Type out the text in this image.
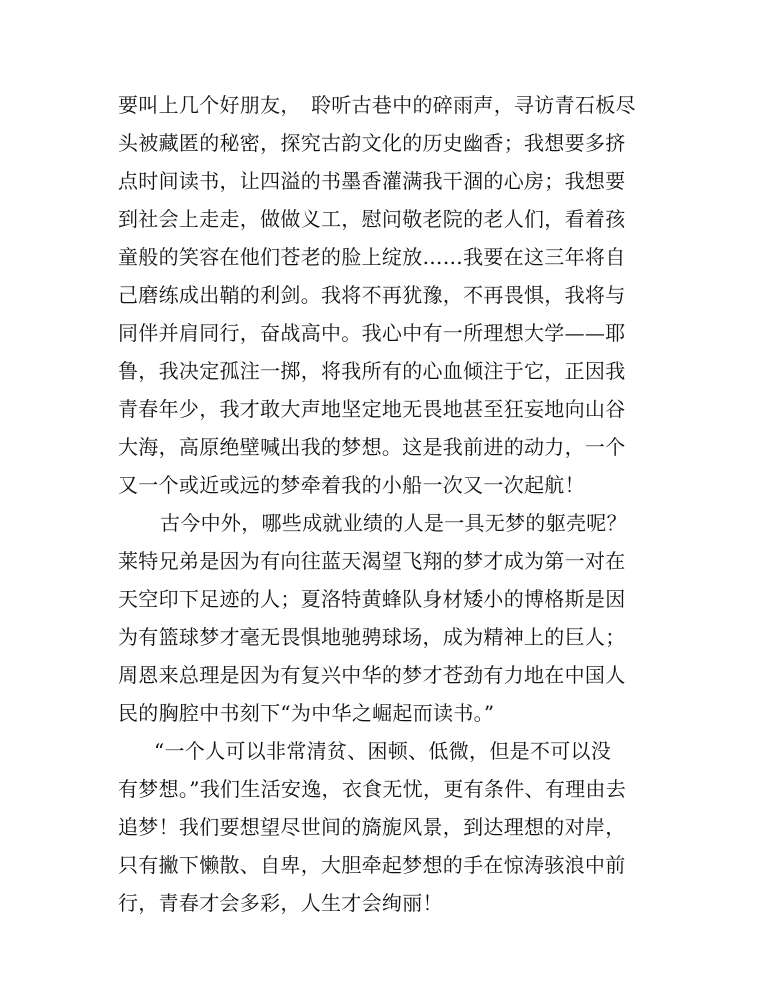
要叫上几个好朋友，　聆听古巷中的碎雨声，寻访青石板尽
头被藏匿的秘密，探究古韵文化的历史幽香；我想要多挤
点时间读书，让四溢的书墨香灌满我干涸的心房；我想要
到社会上走走，做做义工，慰问敬老院的老人们，看着孩
童般的笑容在他们苍老的脸上绽放……我要在这三年将自
己磨练成出鞘的利剑。我将不再犹豫，不再畏惧，我将与
同伴并肩同行，奋战高中。我心中有一所理想大学——耶
鲁，我决定孤注一掷，将我所有的心血倾注于它，正因我
青春年少，我才敢大声地坚定地无畏地甚至狂妄地向山谷
大海，高原绝壁喊出我的梦想。这是我前进的动力，一个
又一个或近或远的梦牵着我的小船一次又一次起航！
古今中外，哪些成就业绩的人是一具无梦的躯壳呢？
莱特兄弟是因为有向往蓝天渴望飞翔的梦才成为第一对在
天空印下足迹的人；夏洛特黄蜂队身材矮小的博格斯是因
为有篮球梦才毫无畏惧地驰骋球场，成为精神上的巨人；
周恩来总理是因为有复兴中华的梦才苍劲有力地在中国人
民的胸腔中书刻下“为中华之崛起而读书。”
“一个人可以非常清贫、困顿、低微，但是不可以没
有梦想。”我们生活安逸，衣食无忧，更有条件、有理由去
追梦！我们要想望尽世间的旖旎风景，到达理想的对岸，
只有撇下懒散、自卑，大胆牵起梦想的手在惊涛骇浪中前
行，青春才会多彩，人生才会绚丽！
